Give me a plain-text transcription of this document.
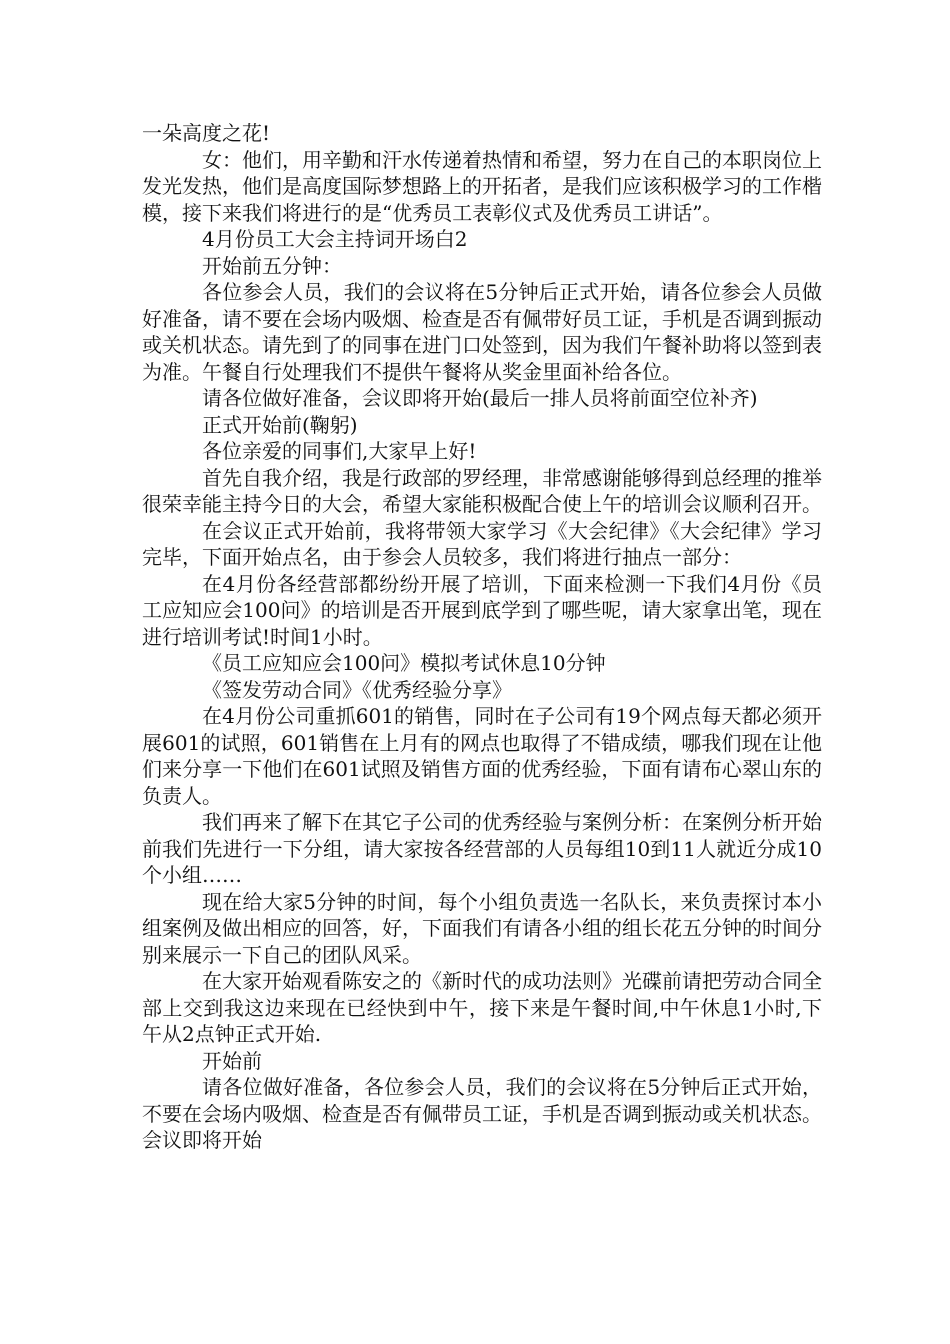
一朵高度之花!

女：他们，用辛勤和汗水传递着热情和希望，努力在自己的本职岗位上发光发热，他们是高度国际梦想路上的开拓者，是我们应该积极学习的工作楷模，接下来我们将进行的是“优秀员工表彰仪式及优秀员工讲话”。

4月份员工大会主持词开场白2

开始前五分钟：

各位参会人员，我们的会议将在5分钟后正式开始，请各位参会人员做好准备，请不要在会场内吸烟、检查是否有佩带好员工证，手机是否调到振动或关机状态。请先到了的同事在进门口处签到，因为我们午餐补助将以签到表为准。午餐自行处理我们不提供午餐将从奖金里面补给各位。

请各位做好准备，会议即将开始(最后一排人员将前面空位补齐)

正式开始前(鞠躬)

各位亲爱的同事们,大家早上好!

首先自我介绍，我是行政部的罗经理，非常感谢能够得到总经理的推举很荣幸能主持今日的大会，希望大家能积极配合使上午的培训会议顺利召开。

在会议正式开始前，我将带领大家学习《大会纪律》《大会纪律》学习完毕，下面开始点名，由于参会人员较多，我们将进行抽点一部分：

在4月份各经营部都纷纷开展了培训，下面来检测一下我们4月份《员工应知应会100问》的培训是否开展到底学到了哪些呢，请大家拿出笔，现在进行培训考试!时间1小时。

《员工应知应会100问》模拟考试休息10分钟

《签发劳动合同》《优秀经验分享》

在4月份公司重抓601的销售，同时在子公司有19个网点每天都必须开展601的试照，601销售在上月有的网点也取得了不错成绩，哪我们现在让他们来分享一下他们在601试照及销售方面的优秀经验，下面有请布心翠山东的负责人。

我们再来了解下在其它子公司的优秀经验与案例分析：在案例分析开始前我们先进行一下分组，请大家按各经营部的人员每组10到11人就近分成10个小组……

现在给大家5分钟的时间，每个小组负责选一名队长，来负责探讨本小组案例及做出相应的回答，好，下面我们有请各小组的组长花五分钟的时间分别来展示一下自己的团队风采。

在大家开始观看陈安之的《新时代的成功法则》光碟前请把劳动合同全部上交到我这边来现在已经快到中午，接下来是午餐时间,中午休息1小时,下午从2点钟正式开始.

开始前

请各位做好准备，各位参会人员，我们的会议将在5分钟后正式开始，不要在会场内吸烟、检查是否有佩带员工证，手机是否调到振动或关机状态。会议即将开始
